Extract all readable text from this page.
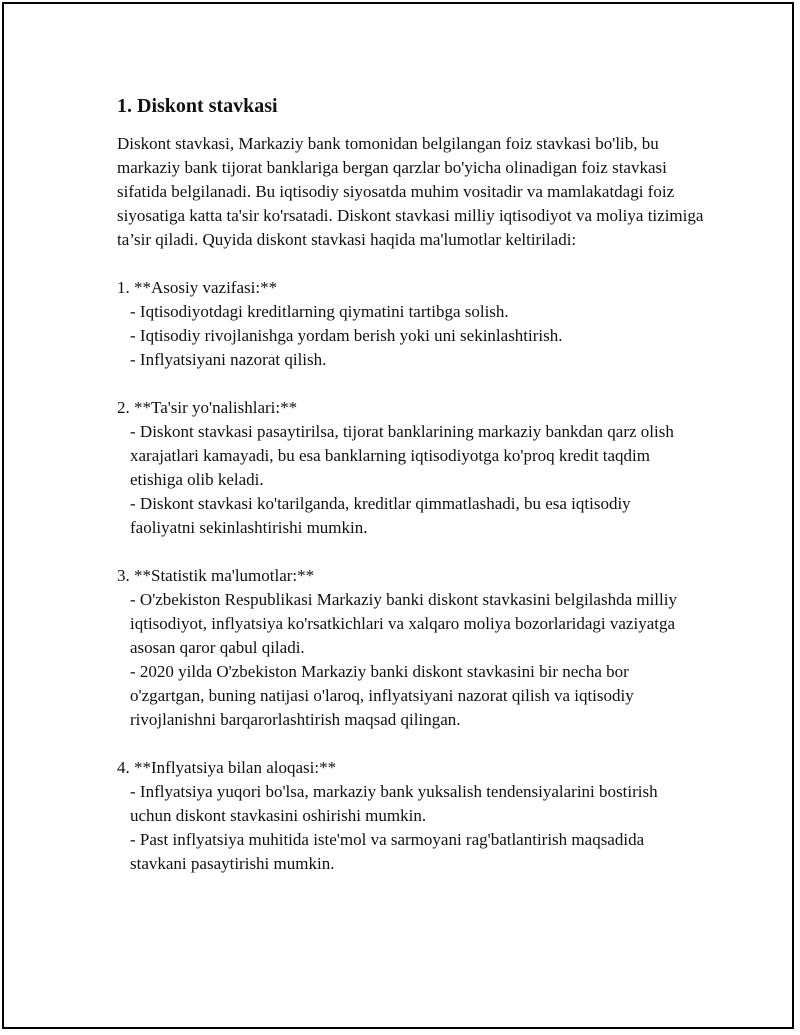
1. Diskont stavkasi

Diskont stavkasi, Markaziy bank tomonidan belgilangan foiz stavkasi bo'lib, bu markaziy bank tijorat banklariga bergan qarzlar bo'yicha olinadigan foiz stavkasi sifatida belgilanadi. Bu iqtisodiy siyosatda muhim vositadir va mamlakatdagi foiz siyosatiga katta ta'sir ko'rsatadi. Diskont stavkasi milliy iqtisodiyot va moliya tizimiga ta’sir qiladi. Quyida diskont stavkasi haqida ma'lumotlar keltiriladi:

1. **Asosiy vazifasi:**

- Iqtisodiyotdagi kreditlarning qiymatini tartibga solish.

- Iqtisodiy rivojlanishga yordam berish yoki uni sekinlashtirish.

- Inflyatsiyani nazorat qilish.

2. **Ta'sir yo'nalishlari:**

- Diskont stavkasi pasaytirilsa, tijorat banklarining markaziy bankdan qarz olish xarajatlari kamayadi, bu esa banklarning iqtisodiyotga ko'proq kredit taqdim etishiga olib keladi.

- Diskont stavkasi ko'tarilganda, kreditlar qimmatlashadi, bu esa iqtisodiy faoliyatni sekinlashtirishi mumkin.

3. **Statistik ma'lumotlar:**

- O'zbekiston Respublikasi Markaziy banki diskont stavkasini belgilashda milliy iqtisodiyot, inflyatsiya ko'rsatkichlari va xalqaro moliya bozorlaridagi vaziyatga asosan qaror qabul qiladi.

- 2020 yilda O'zbekiston Markaziy banki diskont stavkasini bir necha bor o'zgartgan, buning natijasi o'laroq, inflyatsiyani nazorat qilish va iqtisodiy rivojlanishni barqarorlashtirish maqsad qilingan.

4. **Inflyatsiya bilan aloqasi:**

- Inflyatsiya yuqori bo'lsa, markaziy bank yuksalish tendensiyalarini bostirish uchun diskont stavkasini oshirishi mumkin.

- Past inflyatsiya muhitida iste'mol va sarmoyani rag'batlantirish maqsadida stavkani pasaytirishi mumkin.
